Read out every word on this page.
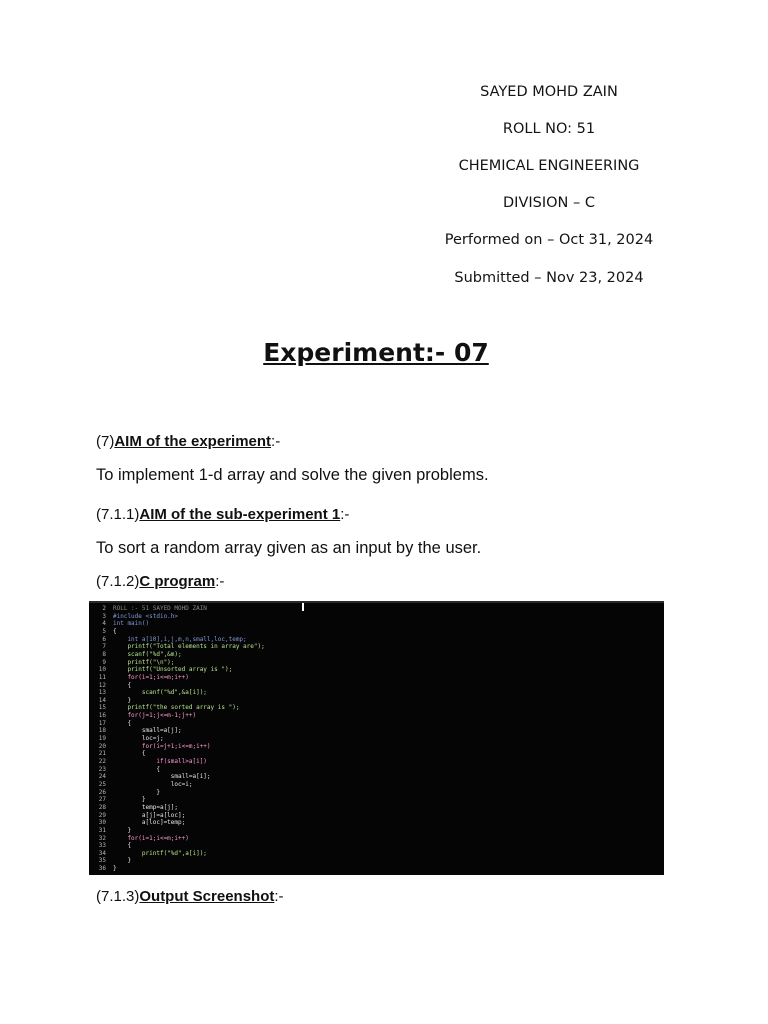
SAYED MOHD ZAIN
ROLL NO: 51
CHEMICAL ENGINEERING
DIVISION – C
Performed on – Oct 31, 2024
Submitted – Nov 23, 2024
Experiment:- 07
(7)AIM of the experiment:-
To implement 1-d array and solve the given problems.
(7.1.1)AIM of the sub-experiment 1:-
To sort a random array given as an input by the user.
(7.1.2)C program:-
2 ROLL :- 51 SAYED MOHD ZAIN
3 #include <stdio.h>
4 int main()
5 {
6 int a[10],i,j,m,n,small,loc,temp;
7 printf("Total elements in array are");
8 scanf("%d",&m);
9 printf("\n");
10 printf("Unsorted array is ");
11 for(i=1;i<=m;i++)
12 {
13 scanf("%d",&a[i]);
14 }
15 printf("the sorted array is ");
16 for(j=1;j<=m-1;j++)
17 {
18 small=a[j];
19 loc=j;
20 for(i=j+1;i<=m;i++)
21 {
22 if(small>a[i])
23 {
24 small=a[i];
25 loc=i;
26 }
27 }
28 temp=a[j];
29 a[j]=a[loc];
30 a[loc]=temp;
31 }
32 for(i=1;i<=m;i++)
33 {
34 printf("%d",a[i]);
35 }
36 }
(7.1.3)Output Screenshot:-
